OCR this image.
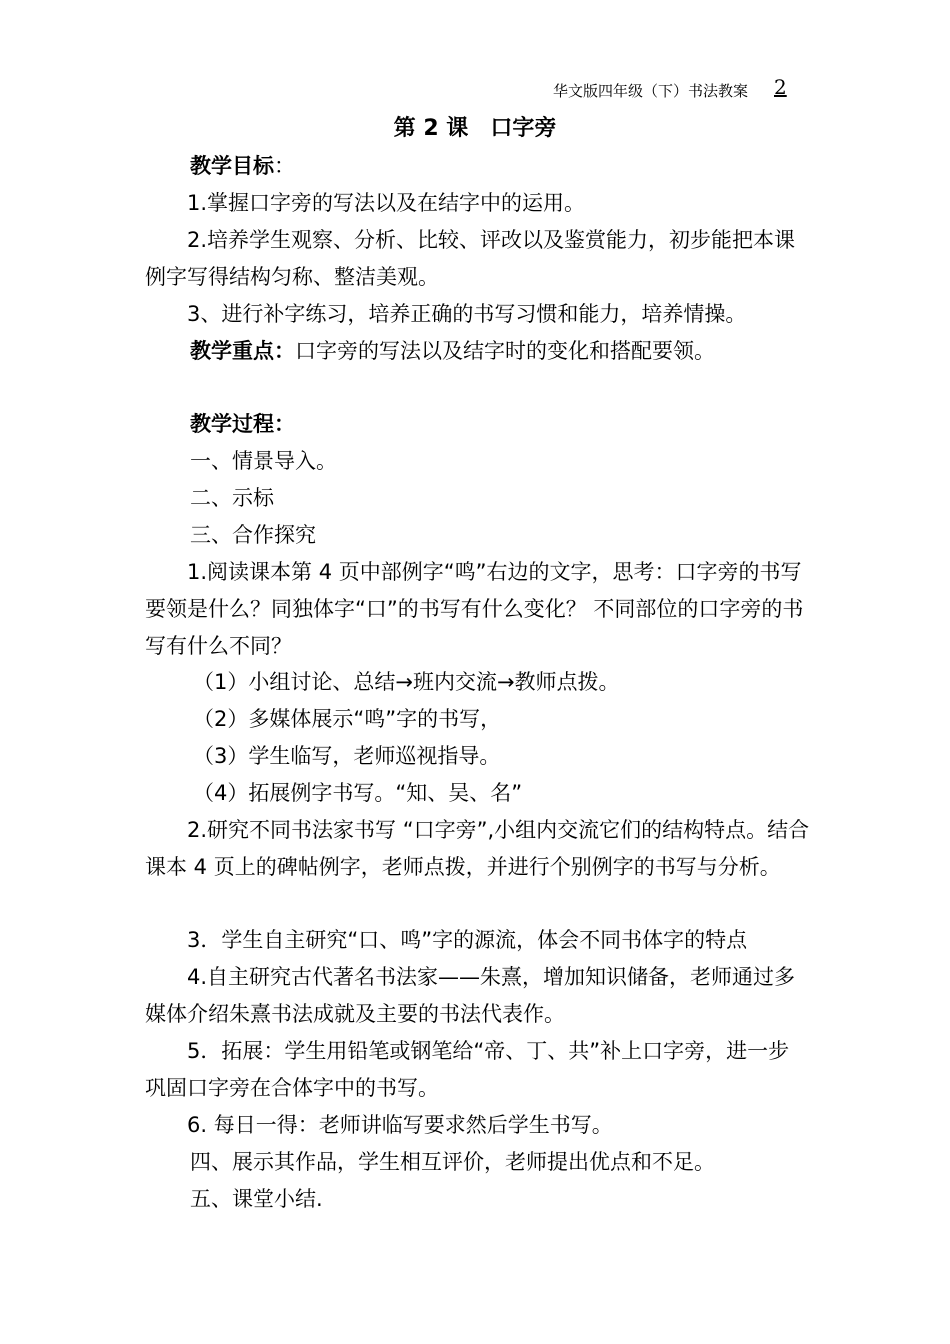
华文版四年级（下）书法教案 2
第 2 课 口字旁

教学目标：

1.掌握口字旁的写法以及在结字中的运用。

2.培养学生观察、分析、比较、评改以及鉴赏能力，初步能把本课例字写得结构匀称、整洁美观。

3、进行补字练习，培养正确的书写习惯和能力，培养情操。

教学重点：口字旁的写法以及结字时的变化和搭配要领。

教学过程：

一、情景导入。

二、示标

三、合作探究

1.阅读课本第 4 页中部例字“鸣”右边的文字，思考：口字旁的书写要领是什么？同独体字“口”的书写有什么变化？ 不同部位的口字旁的书写有什么不同？

（1）小组讨论、总结→班内交流→教师点拨。

（2）多媒体展示“鸣”字的书写，

（3）学生临写，老师巡视指导。

（4）拓展例字书写。“知、吴、名”

2.研究不同书法家书写 “口字旁”,小组内交流它们的结构特点。结合课本 4 页上的碑帖例字，老师点拨，并进行个别例字的书写与分析。

3．学生自主研究“口、鸣”字的源流，体会不同书体字的特点

4.自主研究古代著名书法家——朱熹，增加知识储备，老师通过多媒体介绍朱熹书法成就及主要的书法代表作。

5．拓展：学生用铅笔或钢笔给“帝、丁、共”补上口字旁，进一步巩固口字旁在合体字中的书写。

6. 每日一得：老师讲临写要求然后学生书写。

四、展示其作品，学生相互评价，老师提出优点和不足。

五、课堂小结.
